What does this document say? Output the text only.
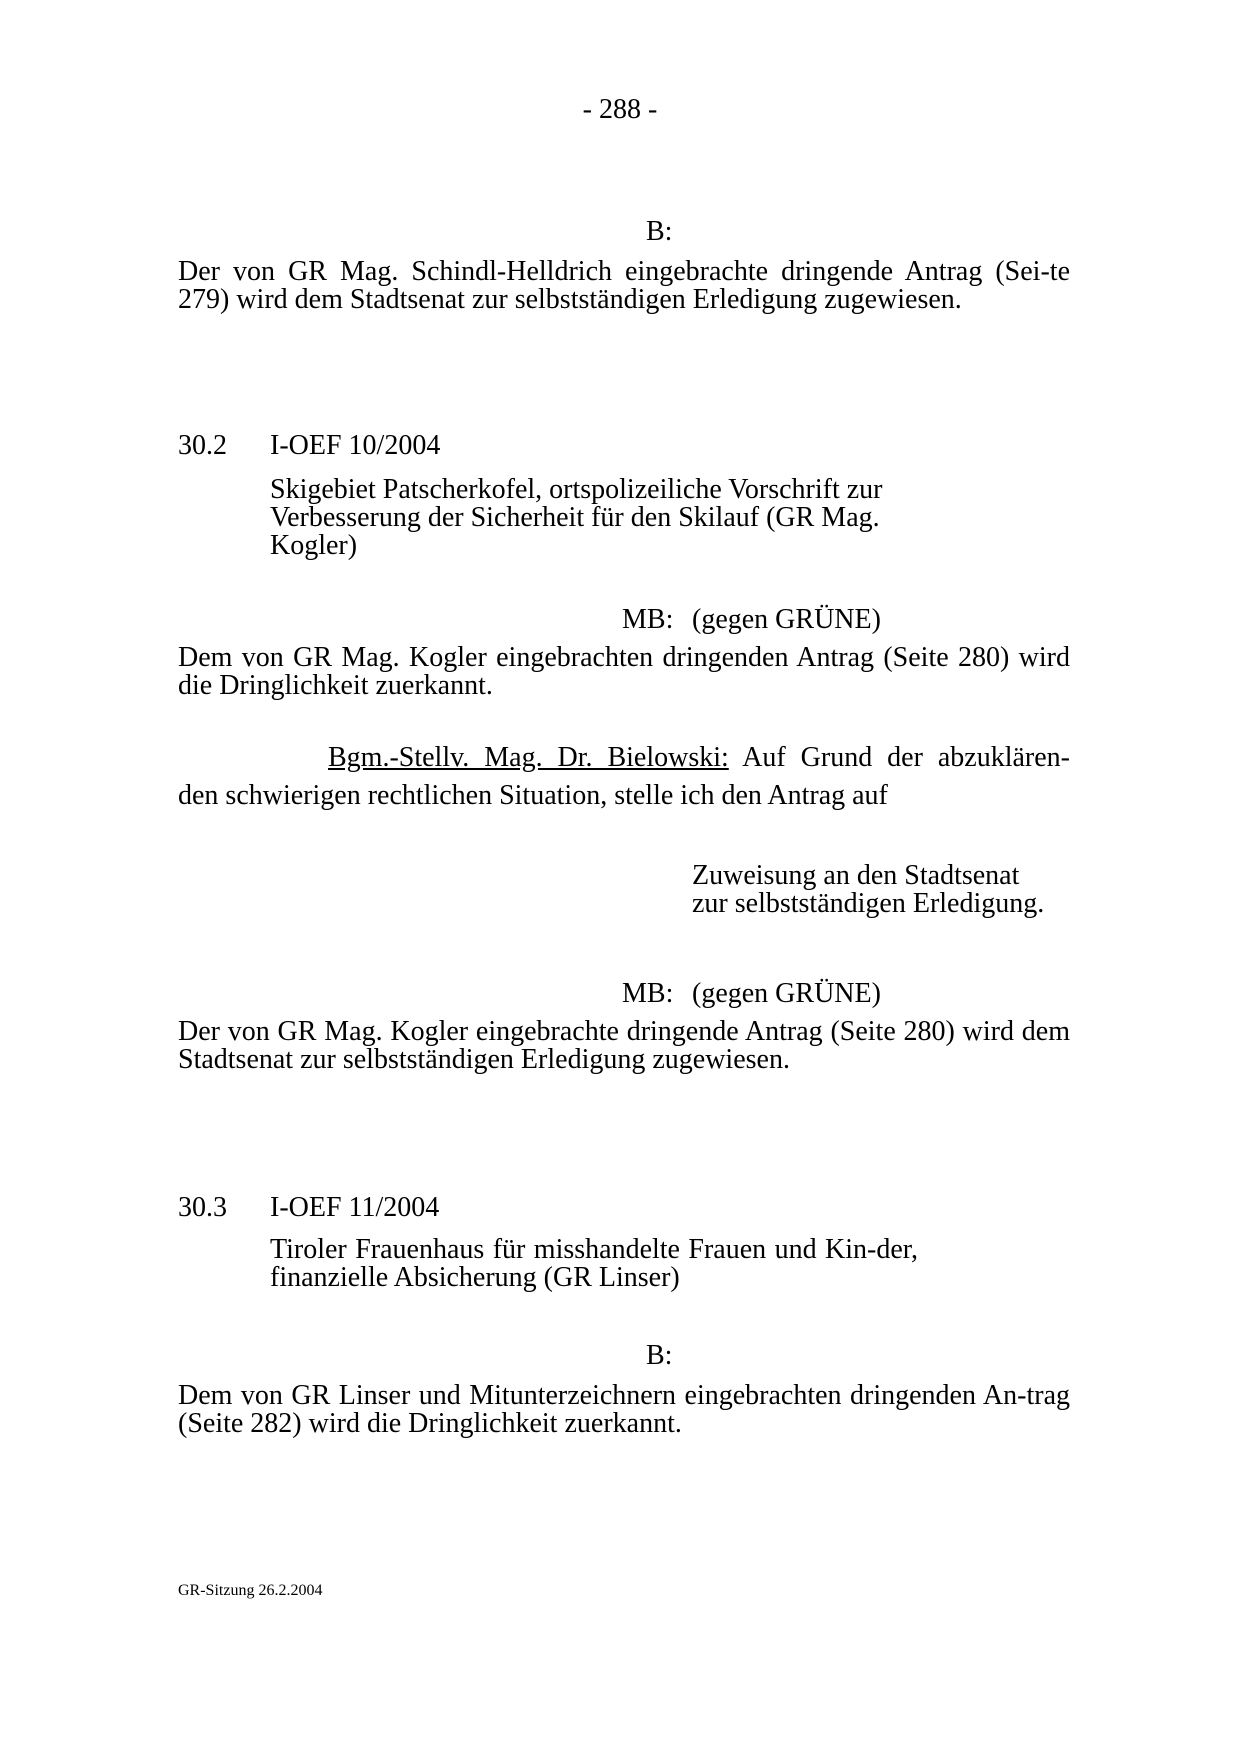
- 288 -
B:
Der von GR Mag. Schindl-Helldrich eingebrachte dringende Antrag (Sei-te 279) wird dem Stadtsenat zur selbstständigen Erledigung zugewiesen.
30.2 I-OEF 10/2004
Skigebiet Patscherkofel, ortspolizeiliche Vorschrift zur Verbesserung der Sicherheit für den Skilauf (GR Mag. Kogler)
MB: (gegen GRÜNE)
Dem von GR Mag. Kogler eingebrachten dringenden Antrag (Seite 280) wird die Dringlichkeit zuerkannt.
Bgm.-Stellv. Mag. Dr. Bielowski: Auf Grund der abzuklären-
den schwierigen rechtlichen Situation, stelle ich den Antrag auf
Zuweisung an den Stadtsenat
zur selbstständigen Erledigung.
MB: (gegen GRÜNE)
Der von GR Mag. Kogler eingebrachte dringende Antrag (Seite 280) wird dem Stadtsenat zur selbstständigen Erledigung zugewiesen.
30.3 I-OEF 11/2004
Tiroler Frauenhaus für misshandelte Frauen und Kin-der, finanzielle Absicherung (GR Linser)
B:
Dem von GR Linser und Mitunterzeichnern eingebrachten dringenden An-trag (Seite 282) wird die Dringlichkeit zuerkannt.
GR-Sitzung 26.2.2004
